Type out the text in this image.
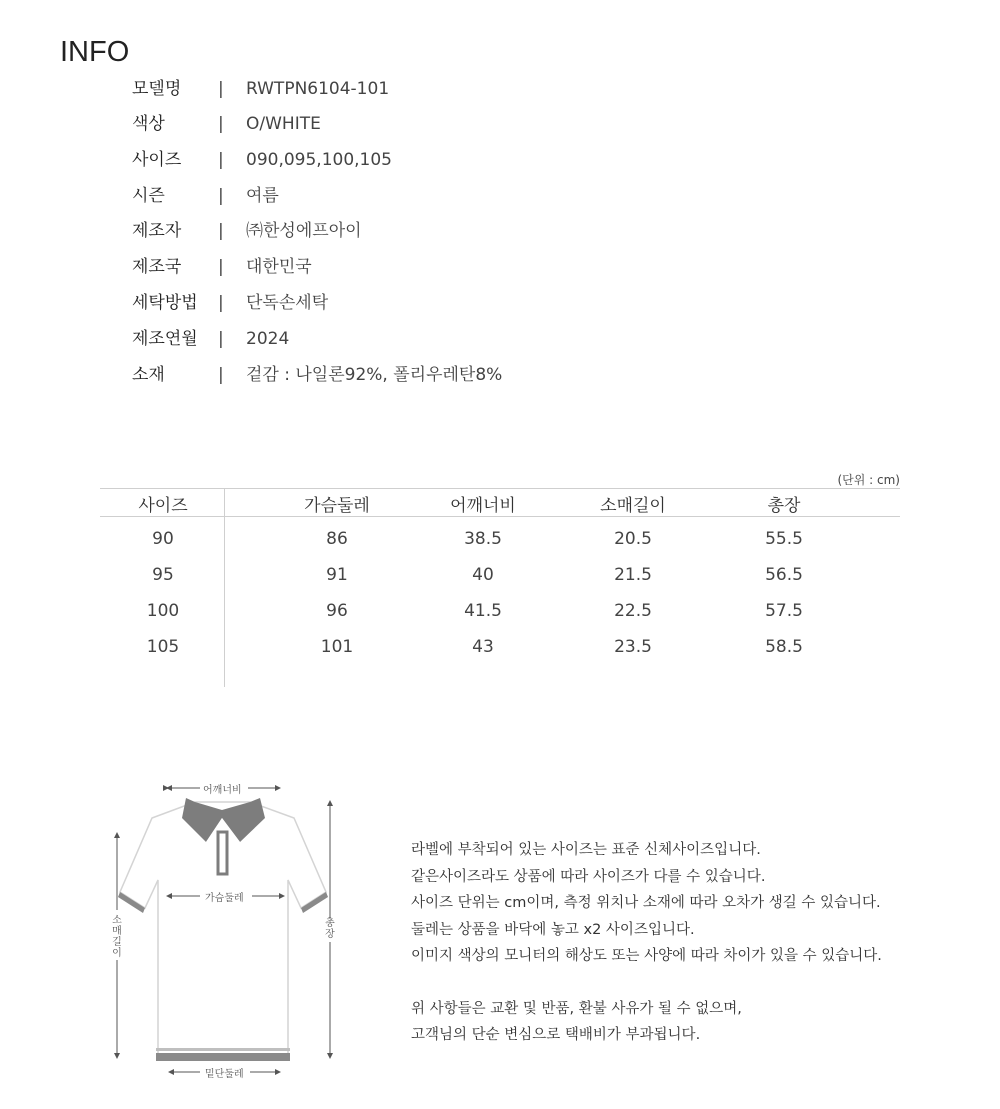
INFO
모델명	| RWTPN6104-101
색상	| O/WHITE
사이즈	| 090,095,100,105
시즌	| 여름
제조자	| ㈜한성에프아이
제조국	| 대한민국
세탁방법	| 단독손세탁
제조연월	| 2024
소재	| 겉감 : 나일론92%, 폴리우레탄8%
(단위 : cm)
사이즈	가슴둘레	어깨너비	소매길이	총장
90	86	38.5	20.5	55.5
95	91	40	21.5	56.5
100	96	41.5	22.5	57.5
105	101	43	23.5	58.5
어깨너비
가슴둘레
밑단둘레
소매길이
총장

라벨에 부착되어 있는 사이즈는 표준 신체사이즈입니다.

같은사이즈라도 상품에 따라 사이즈가 다를 수 있습니다.

사이즈 단위는 cm이며, 측정 위치나 소재에 따라 오차가 생길 수 있습니다.

둘레는 상품을 바닥에 놓고 x2 사이즈입니다.

이미지 색상의 모니터의 해상도 또는 사양에 따라 차이가 있을 수 있습니다.

위 사항들은 교환 및 반품, 환불 사유가 될 수 없으며,

고객님의 단순 변심으로 택배비가 부과됩니다.
